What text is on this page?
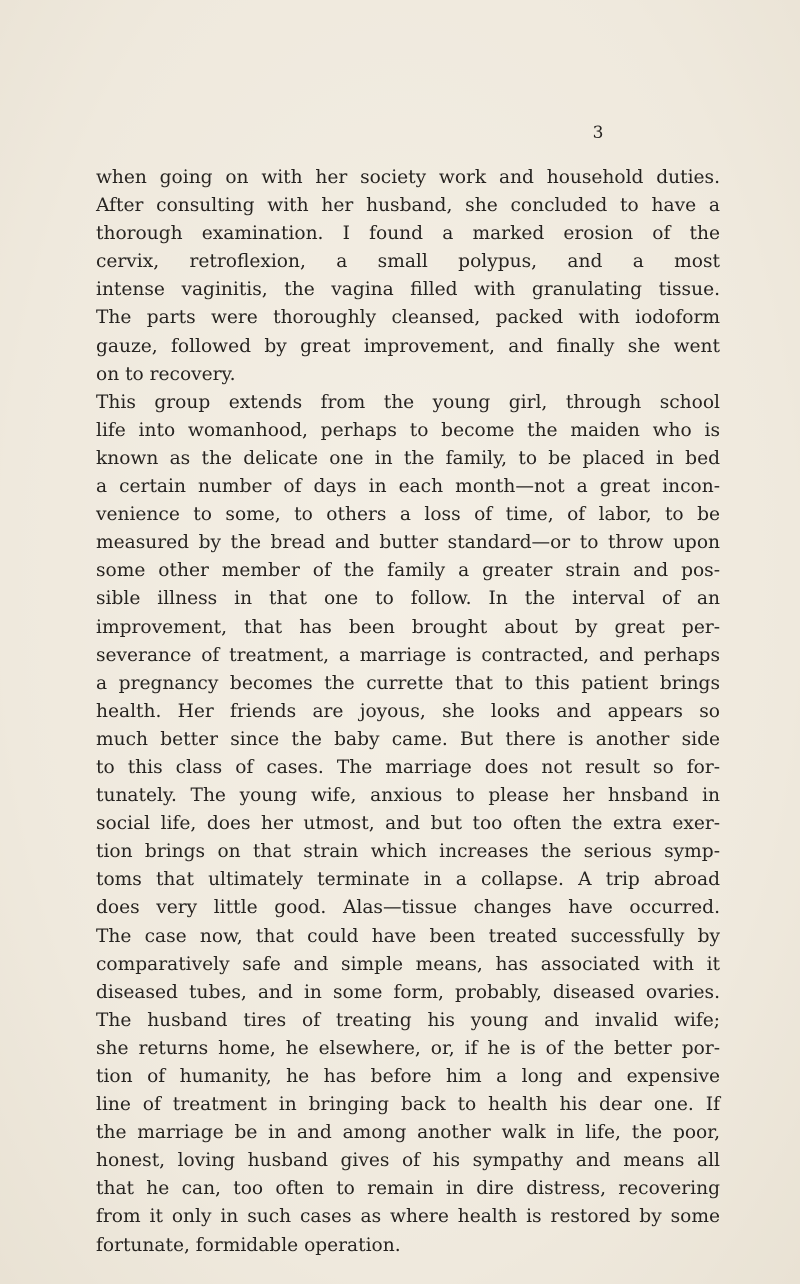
3
when going on with her society work and household duties.
After consulting with her husband, she concluded to have a
thorough examination. I found a marked erosion of the
cervix, retroflexion, a small polypus, and a most
intense vaginitis, the vagina filled with granulating tissue.
The parts were thoroughly cleansed, packed with iodoform
gauze, followed by great improvement, and finally she went
on to recovery.
This group extends from the young girl, through school
life into womanhood, perhaps to become the maiden who is
known as the delicate one in the family, to be placed in bed
a certain number of days in each month—not a great incon-
venience to some, to others a loss of time, of labor, to be
measured by the bread and butter standard—or to throw upon
some other member of the family a greater strain and pos-
sible illness in that one to follow. In the interval of an
improvement, that has been brought about by great per-
severance of treatment, a marriage is contracted, and perhaps
a pregnancy becomes the currette that to this patient brings
health. Her friends are joyous, she looks and appears so
much better since the baby came. But there is another side
to this class of cases. The marriage does not result so for-
tunately. The young wife, anxious to please her hnsband in
social life, does her utmost, and but too often the extra exer-
tion brings on that strain which increases the serious symp-
toms that ultimately terminate in a collapse. A trip abroad
does very little good. Alas—tissue changes have occurred.
The case now, that could have been treated successfully by
comparatively safe and simple means, has associated with it
diseased tubes, and in some form, probably, diseased ovaries.
The husband tires of treating his young and invalid wife;
she returns home, he elsewhere, or, if he is of the better por-
tion of humanity, he has before him a long and expensive
line of treatment in bringing back to health his dear one. If
the marriage be in and among another walk in life, the poor,
honest, loving husband gives of his sympathy and means all
that he can, too often to remain in dire distress, recovering
from it only in such cases as where health is restored by some
fortunate, formidable operation.
